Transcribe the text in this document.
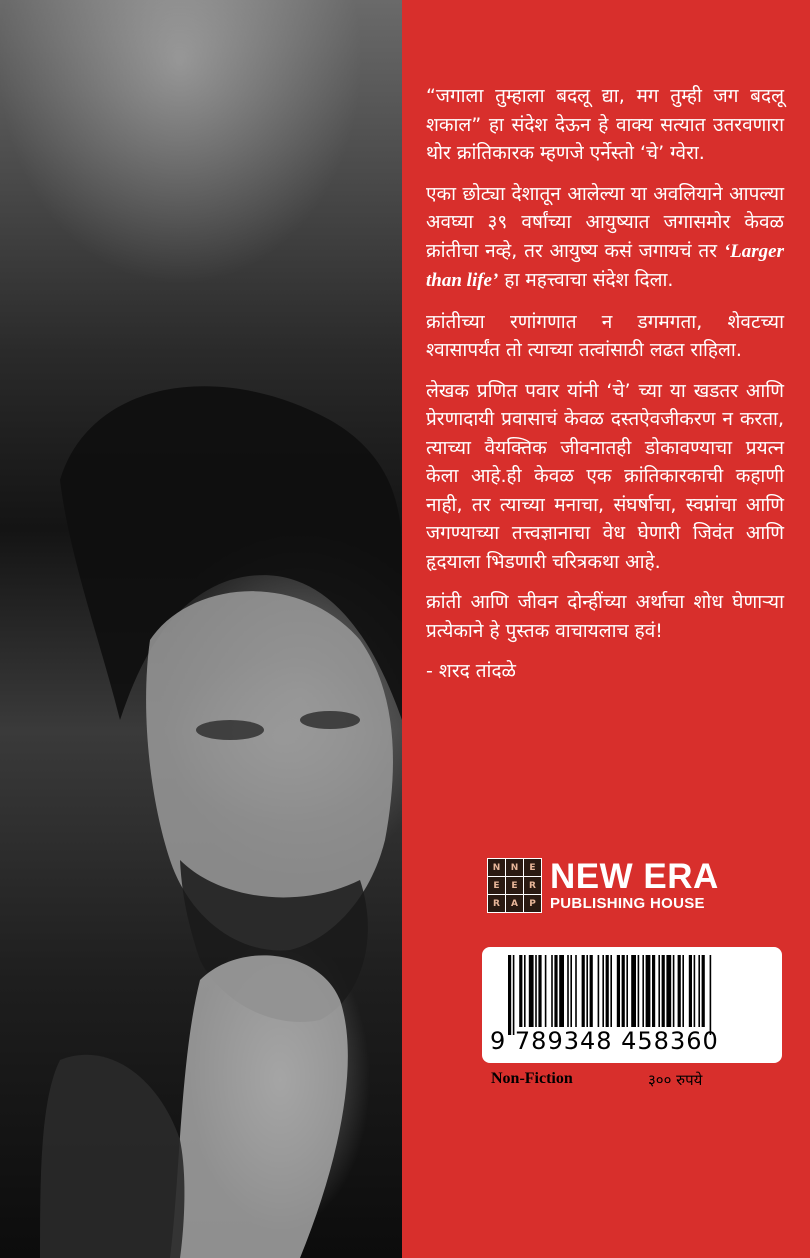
“जगाला तुम्हाला बदलू द्या, मग तुम्ही जग बदलू शकाल” हा संदेश देऊन हे वाक्य सत्यात उतरवणारा थोर क्रांतिकारक म्हणजे एर्नेस्तो ‘चे’ ग्वेरा.

एका छोट्या देशातून आलेल्या या अवलियाने आपल्या अवघ्या ३९ वर्षांच्या आयुष्यात जगासमोर केवळ क्रांतीचा नव्हे, तर आयुष्य कसं जगायचं तर ‘Larger than life’ हा महत्त्वाचा संदेश दिला.

क्रांतीच्या रणांगणात न डगमगता, शेवटच्या श्वासापर्यंत तो त्याच्या तत्वांसाठी लढत राहिला.

लेखक प्रणित पवार यांनी ‘चे’ च्या या खडतर आणि प्रेरणादायी प्रवासाचं केवळ दस्तऐवजीकरण न करता, त्याच्या वैयक्तिक जीवनातही डोकावण्याचा प्रयत्न केला आहे.ही केवळ एक क्रांतिकारकाची कहाणी नाही, तर त्याच्या मनाचा, संघर्षाचा, स्वप्नांचा आणि जगण्याच्या तत्त्वज्ञानाचा वेध घेणारी जिवंत आणि हृदयाला भिडणारी चरित्रकथा आहे.

क्रांती आणि जीवन दोन्हींच्या अर्थाचा शोध घेणाऱ्या प्रत्येकाने हे पुस्तक वाचायलाच हवं!

- शरद तांदळे

N	N	E
E	E	R
R	A	P
NEW ERA
PUBLISHING HOUSE
9 789348 458360
Non-Fiction	३०० रुपये
